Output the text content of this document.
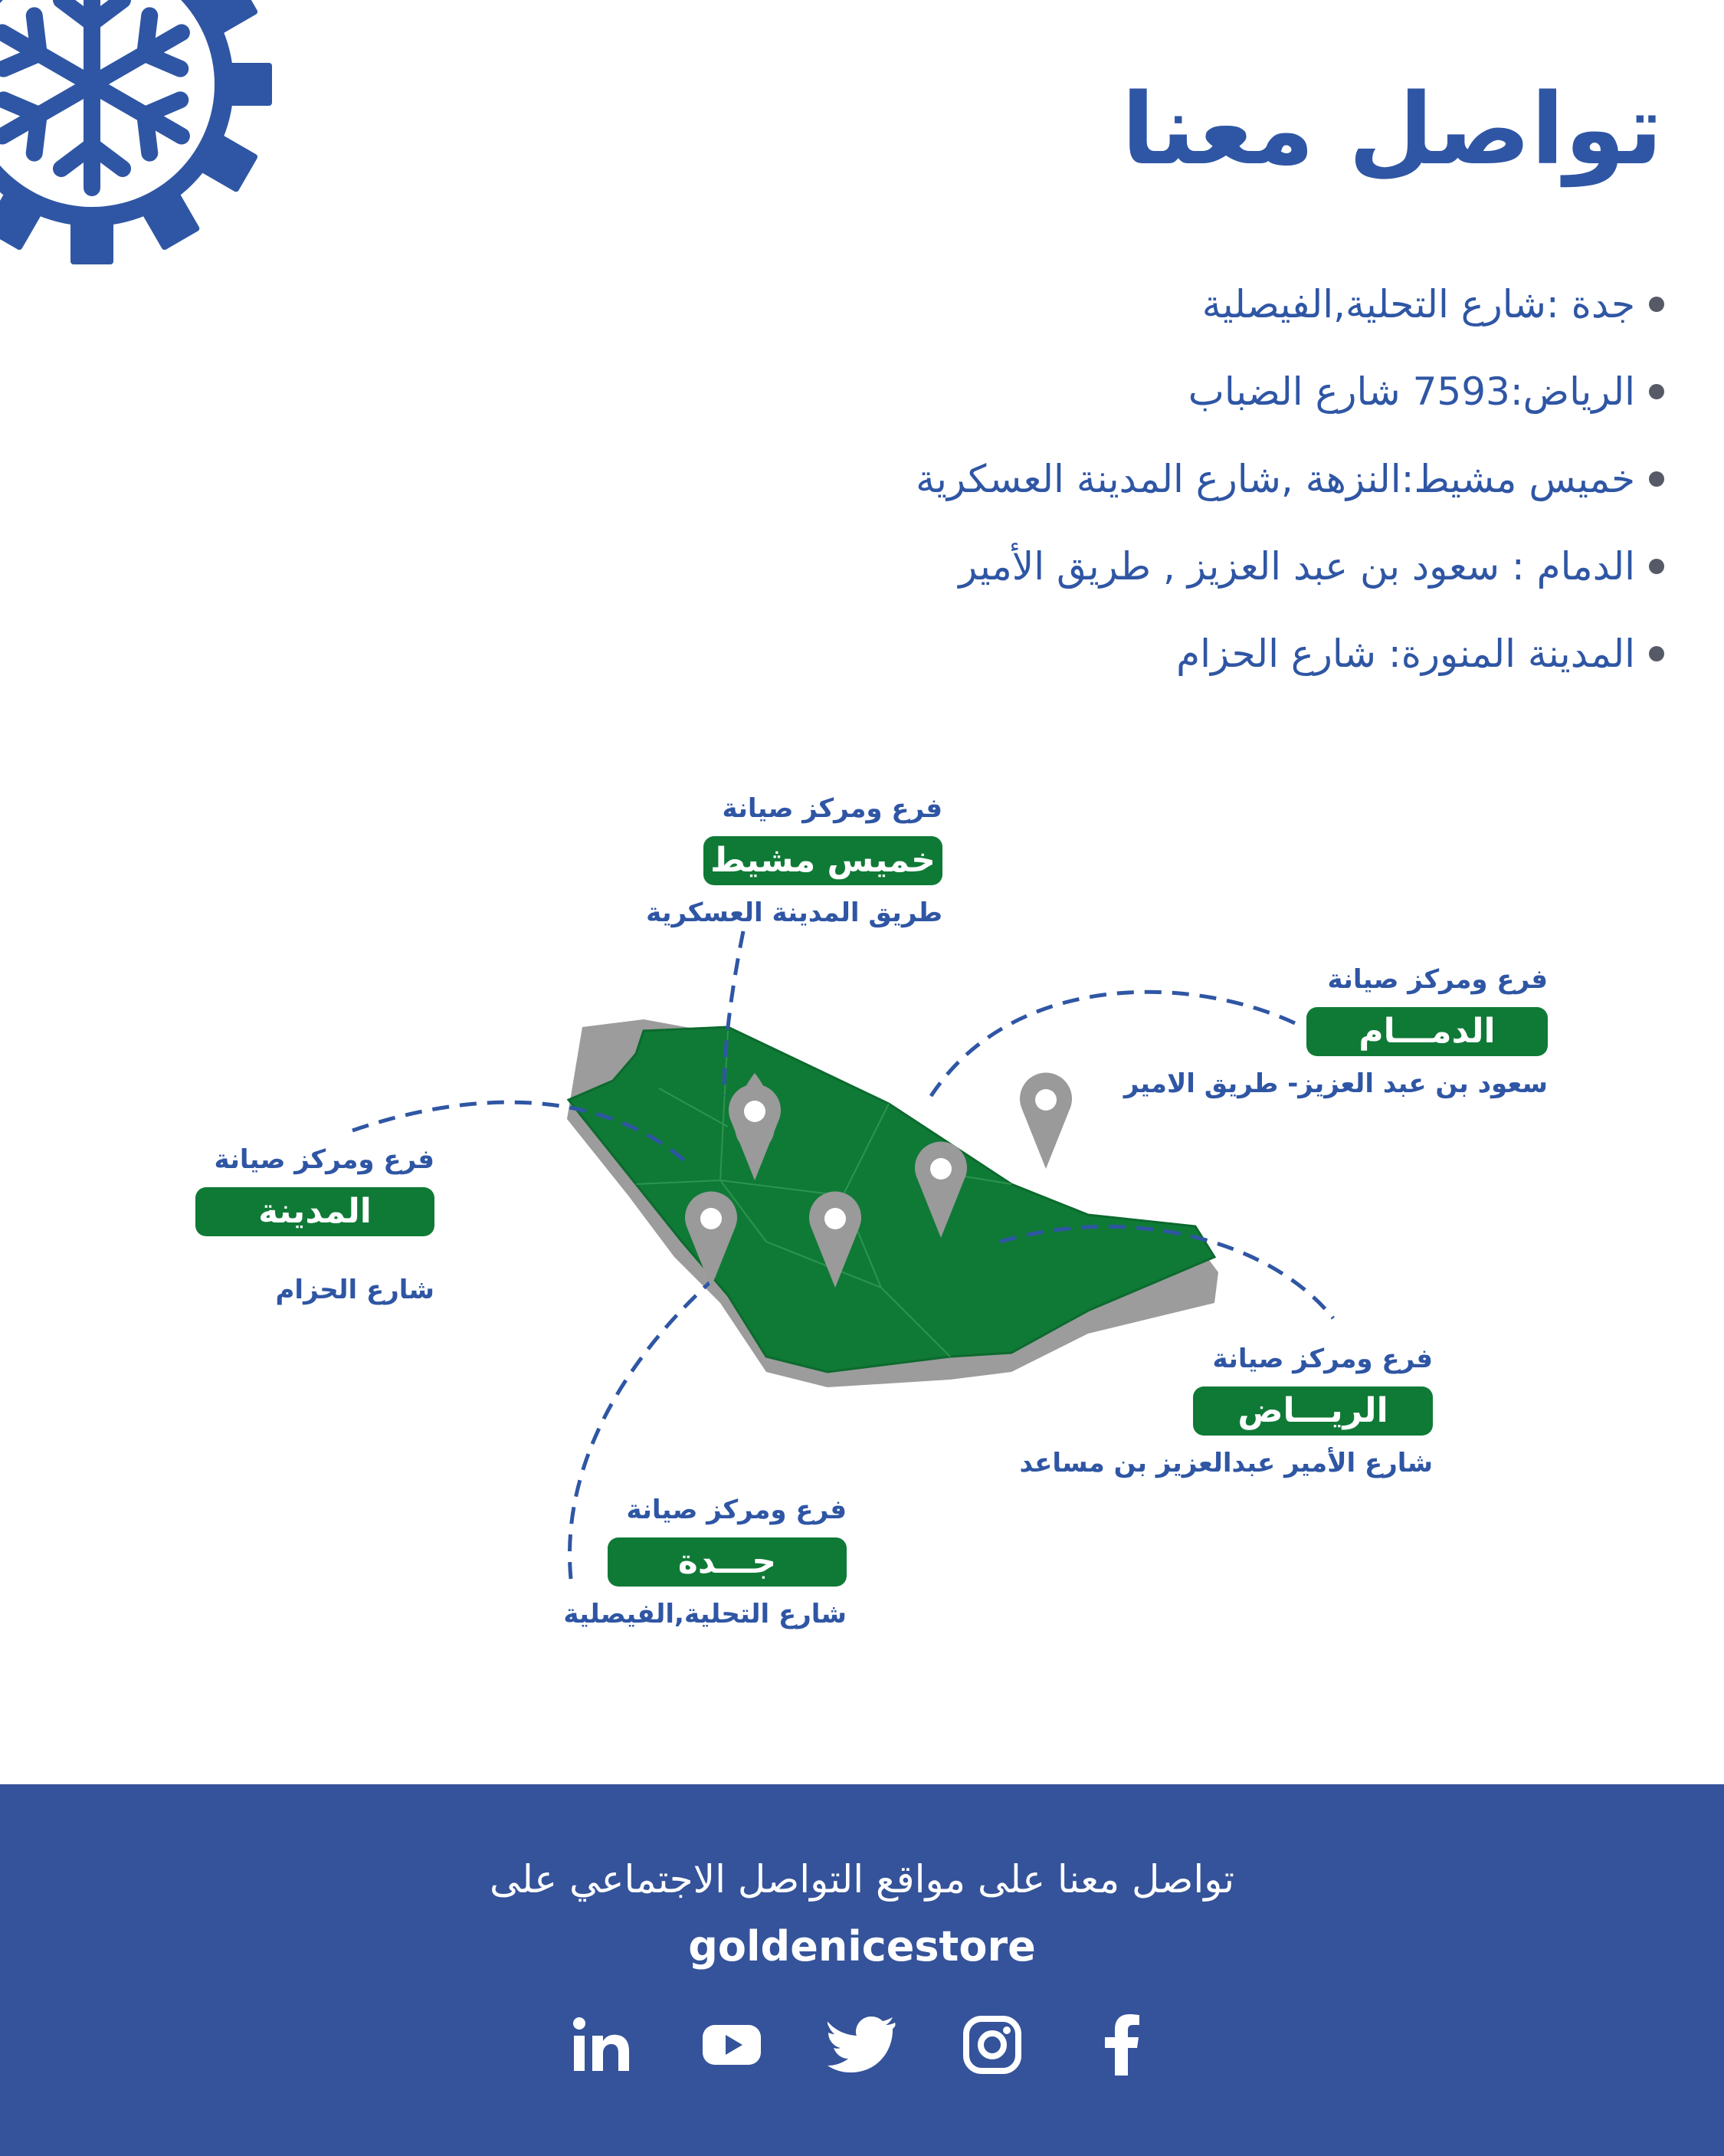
تواصل معنا
جدة :شارع التحلية,الفيصلية
الرياض:7593 شارع الضباب
خميس مشيط:النزهة ,شارع المدينة العسكرية
الدمام : سعود بن عبد العزيز , طريق الأمير
المدينة المنورة: شارع الحزام
فرع ومركز صيانة
خميس مشيط
طريق المدينة العسكرية
فرع ومركز صيانة
الدمـــام
سعود بن عبد العزيز- طريق الامير
فرع ومركز صيانة
المدينة المنورة
شارع الحزام
فرع ومركز صيانة
الريـــاض
شارع الأمير عبدالعزيز بن مساعد
فرع ومركز صيانة
جـــدة
شارع التحلية,الفيصلية
تواصل معنا على مواقع التواصل الاجتماعي على
goldenicestore
